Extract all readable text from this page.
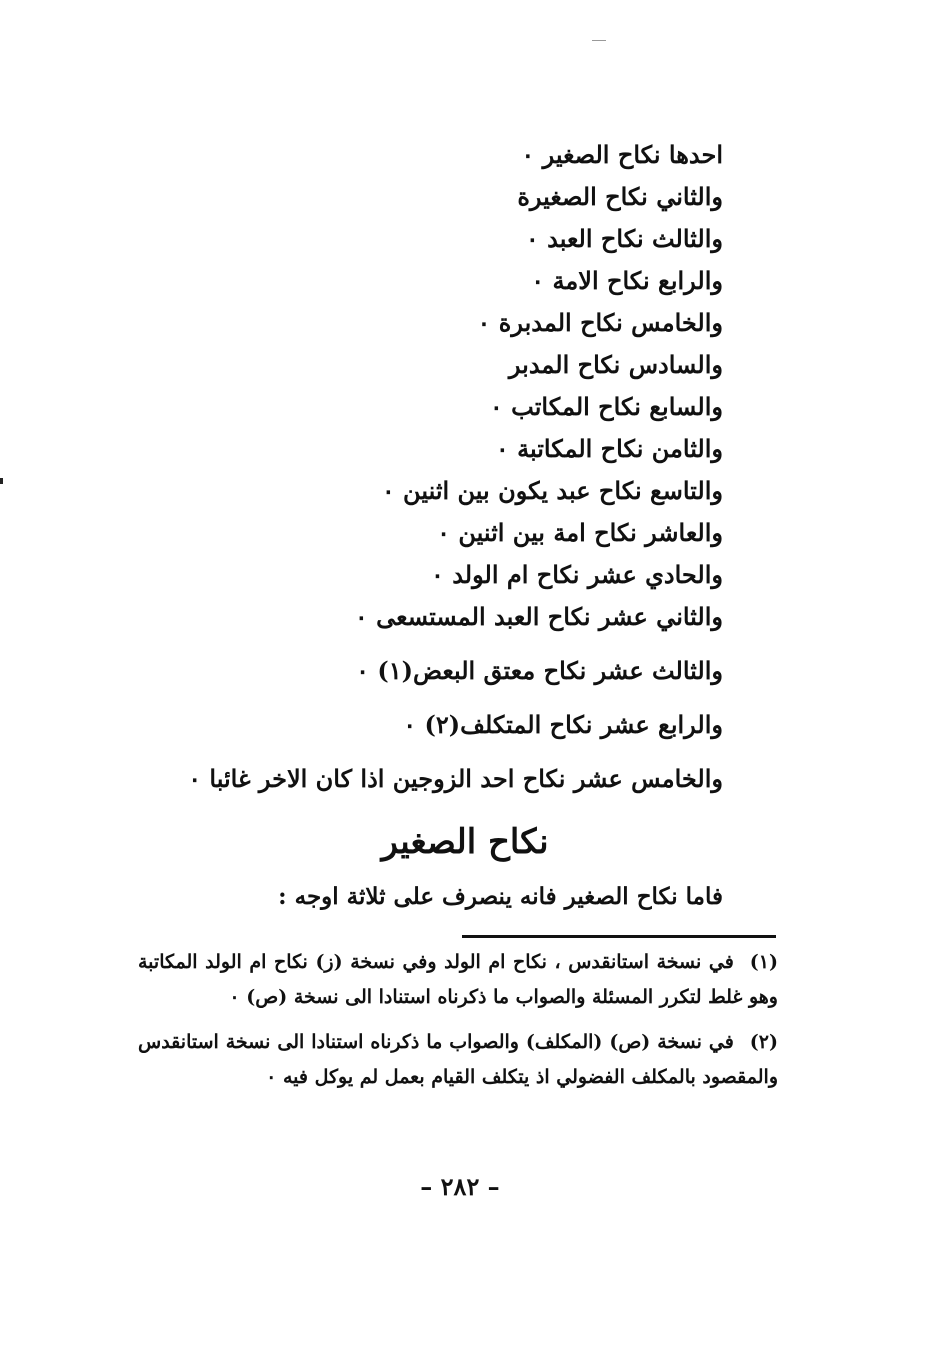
احدها نكاح الصغير ٠
والثاني نكاح الصغيرة
والثالث نكاح العبد ٠
والرابع نكاح الامة ٠
والخامس نكاح المدبرة ٠
والسادس نكاح المدبر
والسابع نكاح المكاتب ٠
والثامن نكاح المكاتبة ٠
والتاسع نكاح عبد يكون بين اثنين ٠
والعاشر نكاح امة بين اثنين ٠
والحادي عشر نكاح ام الولد ٠
والثاني عشر نكاح العبد المستسعى ٠
والثالث عشر نكاح معتق البعض(١) ٠
والرابع عشر نكاح المتكلف(٢) ٠
والخامس عشر نكاح احد الزوجين اذا كان الاخر غائبا ٠
نكاح الصغير
فاما نكاح الصغير فانه ينصرف على ثلاثة اوجه :
(١)في نسخة استانقدس ، نكاح ام الولد وفي نسخة (ز) نكاح ام الولد المكاتبة وهو غلط لتكرر المسئلة والصواب ما ذكرناه استنادا الى نسخة (ص) ٠
(٢)في نسخة (ص) (المكلف) والصواب ما ذكرناه استنادا الى نسخة استانقدس والمقصود بالمكلف الفضولي اذ يتكلف القيام بعمل لم يوكل فيه ٠
– ٢٨٢ –
